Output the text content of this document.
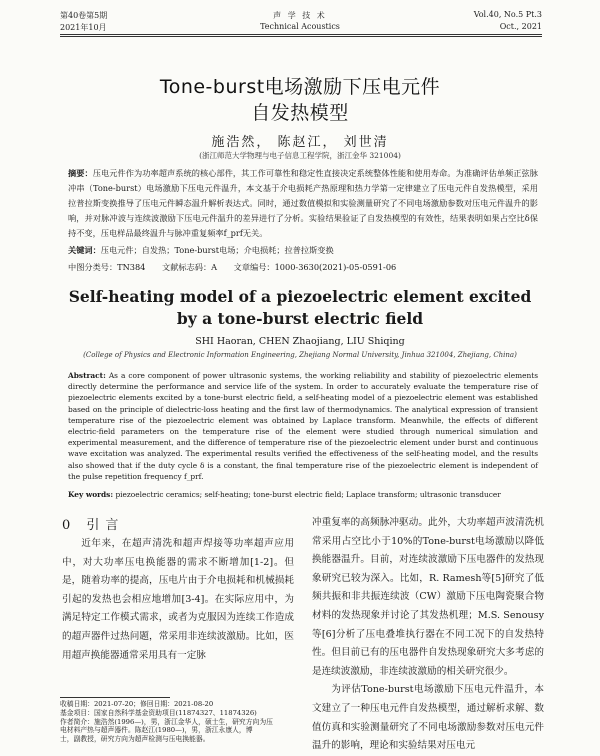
第40卷第5期
2021年10月
声 学 技 术
Technical Acoustics
Vol.40, No.5 Pt.3
Oct., 2021
Tone-burst电场激励下压电元件
自发热模型
施浩然， 陈赵江， 刘世清
(浙江师范大学物理与电子信息工程学院，浙江金华 321004)
摘要：压电元件作为功率超声系统的核心部件，其工作可靠性和稳定性直接决定系统整体性能和使用寿命。为准确评估单频正弦脉冲串（Tone-burst）电场激励下压电元件温升，本文基于介电损耗产热原理和热力学第一定律建立了压电元件自发热模型，采用拉普拉斯变换推导了压电元件瞬态温升解析表达式。同时，通过数值模拟和实验测量研究了不同电场激励参数对压电元件温升的影响，并对脉冲波与连续波激励下压电元件温升的差异进行了分析。实验结果验证了自发热模型的有效性，结果表明如果占空比δ保持不变，压电样品最终温升与脉冲重复频率f_prf无关。
关键词：压电元件；自发热；Tone-burst电场；介电损耗；拉普拉斯变换
中图分类号：TN384 文献标志码：A 文章编号：1000-3630(2021)-05-0591-06
Self-heating model of a piezoelectric element excited by a tone-burst electric field
SHI Haoran, CHEN Zhaojiang, LIU Shiqing
(College of Physics and Electronic Information Engineering, Zhejiang Normal University, Jinhua 321004, Zhejiang, China)
Abstract: As a core component of power ultrasonic systems, the working reliability and stability of piezoelectric elements directly determine the performance and service life of the system. In order to accurately evaluate the temperature rise of piezoelectric elements excited by a tone-burst electric field, a self-heating model of a piezoelectric element was established based on the principle of dielectric-loss heating and the first law of thermodynamics. The analytical expression of transient temperature rise of the piezoelectric element was obtained by Laplace transform. Meanwhile, the effects of different electric-field parameters on the temperature rise of the element were studied through numerical simulation and experimental measurement, and the difference of temperature rise of the piezoelectric element under burst and continuous wave excitation was analyzed. The experimental results verified the effectiveness of the self-heating model, and the results also showed that if the duty cycle δ is a constant, the final temperature rise of the piezoelectric element is independent of the pulse repetition frequency f_prf.
Key words: piezoelectric ceramics; self-heating; tone-burst electric field; Laplace transform; ultrasonic transducer
0 引言

近年来，在超声清洗和超声焊接等功率超声应用中，对大功率压电换能器的需求不断增加[1-2]。但是，随着功率的提高，压电片由于介电损耗和机械损耗引起的发热也会相应地增加[3-4]。在实际应用中，为满足特定工作模式需求，或者为克服因为连续工作造成的超声器件过热问题，常采用非连续波激励。比如，医用超声换能器通常采用具有一定脉

冲重复率的高频脉冲驱动。此外，大功率超声波清洗机常采用占空比小于10%的Tone-burst电场激励以降低换能器温升。目前，对连续波激励下压电器件的发热现象研究已较为深入。比如，R. Ramesh等[5]研究了低频共振和非共振连续波（CW）激励下压电陶瓷聚合物材料的发热现象并讨论了其发热机理；M.S. Senousy等[6]分析了压电叠堆执行器在不同工况下的自发热特性。但目前已有的压电器件自发热现象研究大多考虑的是连续波激励，非连续波激励的相关研究很少。

为评估Tone-burst电场激励下压电元件温升，本文建立了一种压电元件自发热模型，通过解析求解、数值仿真和实验测量研究了不同电场激励参数对压电元件温升的影响，理论和实验结果对压电元

收稿日期：2021-07-20；修回日期：2021-08-20
基金项目：国家自然科学基金资助项目(11874327、11874326)
作者简介：施浩然(1996—)，男，浙江金华人，硕士生，研究方向为压
电材料产热与超声器件。陈赵江(1980—)，男，浙江永康人，博
士，副教授，研究方向为超声检测与压电换能器。
